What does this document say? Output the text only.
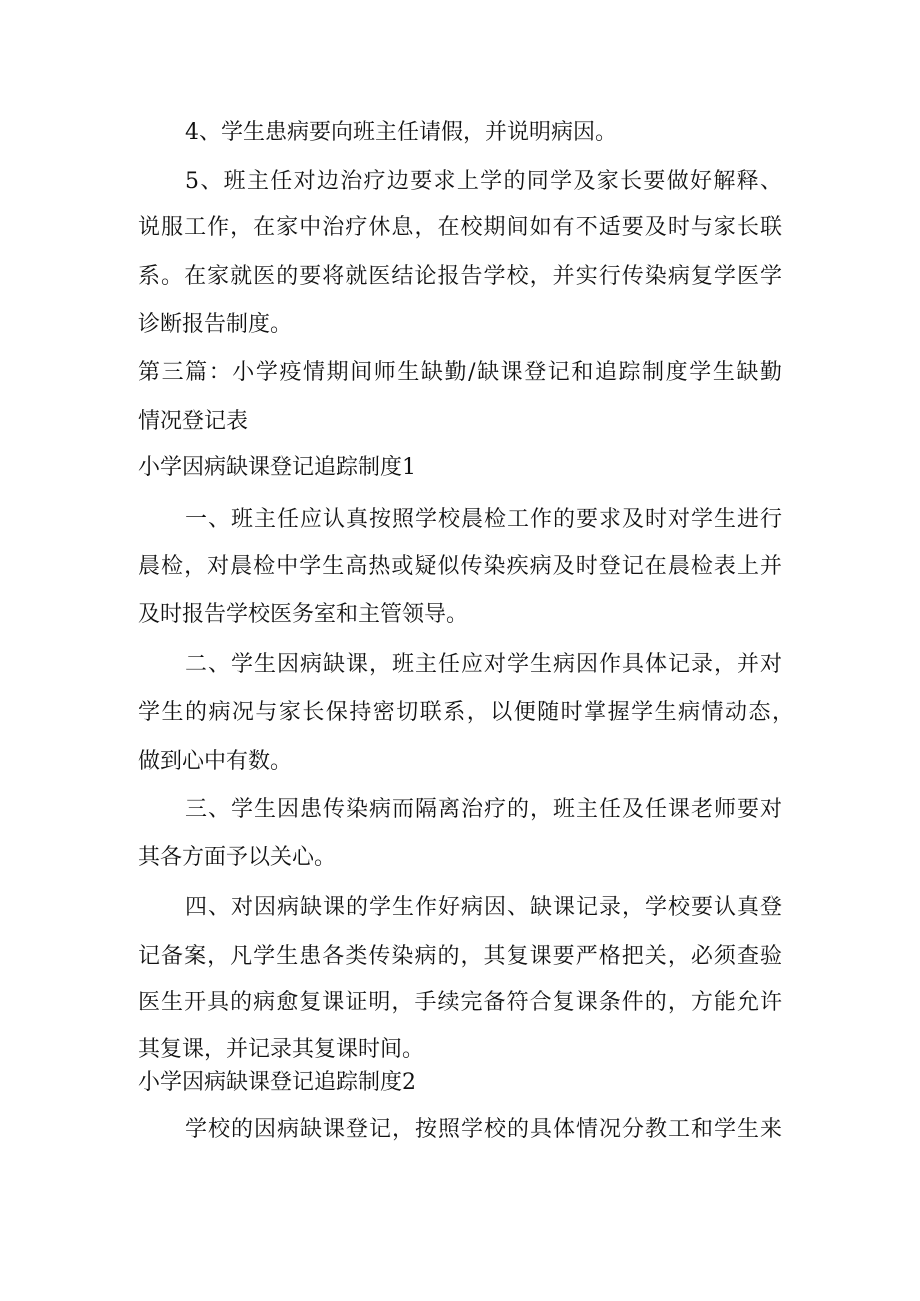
4、学生患病要向班主任请假，并说明病因。
5、班主任对边治疗边要求上学的同学及家长要做好解释、
说服工作，在家中治疗休息，在校期间如有不适要及时与家长联
系。在家就医的要将就医结论报告学校，并实行传染病复学医学
诊断报告制度。
第三篇：小学疫情期间师生缺勤/缺课登记和追踪制度学生缺勤
情况登记表
小学因病缺课登记追踪制度1
一、班主任应认真按照学校晨检工作的要求及时对学生进行
晨检，对晨检中学生高热或疑似传染疾病及时登记在晨检表上并
及时报告学校医务室和主管领导。
二、学生因病缺课，班主任应对学生病因作具体记录，并对
学生的病况与家长保持密切联系，以便随时掌握学生病情动态，
做到心中有数。
三、学生因患传染病而隔离治疗的，班主任及任课老师要对
其各方面予以关心。
四、对因病缺课的学生作好病因、缺课记录，学校要认真登
记备案，凡学生患各类传染病的，其复课要严格把关，必须查验
医生开具的病愈复课证明，手续完备符合复课条件的，方能允许
其复课，并记录其复课时间。
小学因病缺课登记追踪制度2
学校的因病缺课登记，按照学校的具体情况分教工和学生来
